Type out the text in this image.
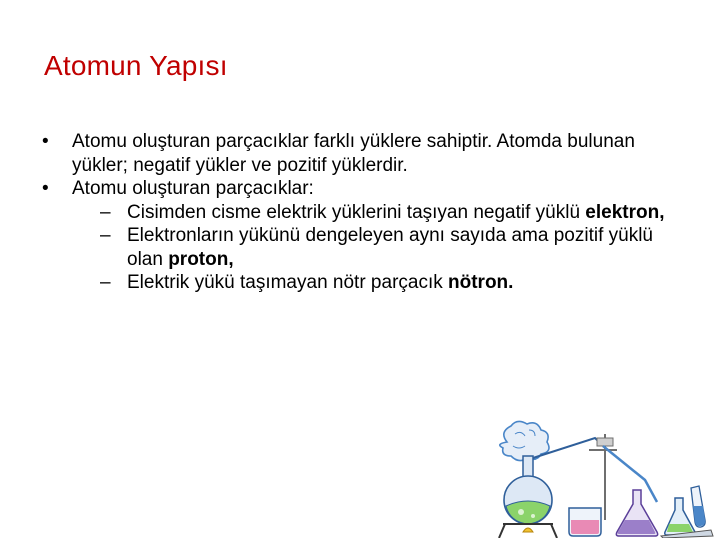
Atomun Yapısı

• Atomu oluşturan parçacıklar farklı yüklere sahiptir. Atomda bulunan yükler; negatif yükler ve pozitif yüklerdir.

• Atomu oluşturan parçacıklar:

– Cisimden cisme elektrik yüklerini taşıyan negatif yüklü elektron,

– Elektronların yükünü dengeleyen aynı sayıda ama pozitif yüklü olan proton,

– Elektrik yükü taşımayan nötr parçacık nötron.
